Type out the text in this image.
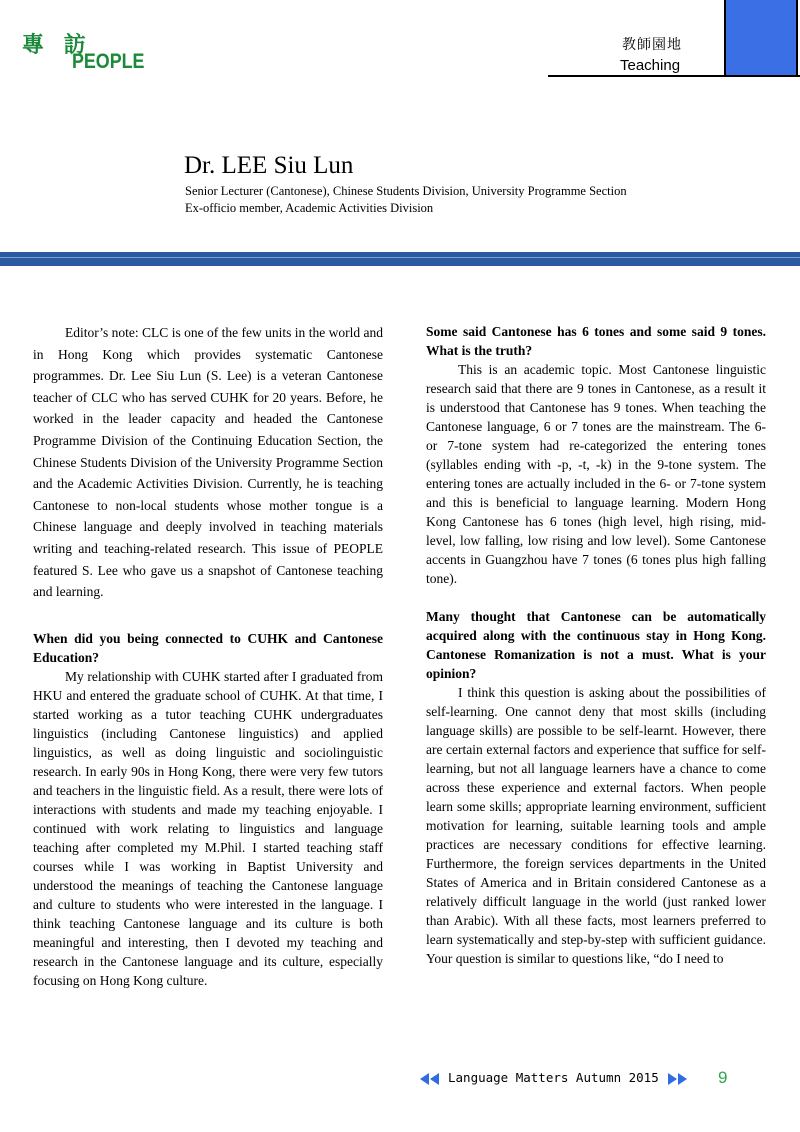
專 訪
PEOPLE
教師園地
Teaching
Dr. LEE Siu Lun
Senior Lecturer (Cantonese), Chinese Students Division, University Programme Section
Ex-officio member, Academic Activities Division

Editor’s note: CLC is one of the few units in the world and in Hong Kong which provides systematic Cantonese programmes. Dr. Lee Siu Lun (S. Lee) is a veteran Cantonese teacher of CLC who has served CUHK for 20 years. Before, he worked in the leader capacity and headed the Cantonese Programme Division of the Continuing Education Section, the Chinese Students Division of the University Programme Section and the Academic Activities Division. Currently, he is teaching Cantonese to non-local students whose mother tongue is a Chinese language and deeply involved in teaching materials writing and teaching-related research. This issue of PEOPLE featured S. Lee who gave us a snapshot of Cantonese teaching and learning.

When did you being connected to CUHK and Cantonese Education?

My relationship with CUHK started after I graduated from HKU and entered the graduate school of CUHK. At that time, I started working as a tutor teaching CUHK undergraduates linguistics (including Cantonese linguistics) and applied linguistics, as well as doing linguistic and sociolinguistic research. In early 90s in Hong Kong, there were very few tutors and teachers in the linguistic field. As a result, there were lots of interactions with students and made my teaching enjoyable. I continued with work relating to linguistics and language teaching after completed my M.Phil. I started teaching staff courses while I was working in Baptist University and understood the meanings of teaching the Cantonese language and culture to students who were interested in the language. I think teaching Cantonese language and its culture is both meaningful and interesting, then I devoted my teaching and research in the Cantonese language and its culture, especially focusing on Hong Kong culture.

Some said Cantonese has 6 tones and some said 9 tones. What is the truth?

This is an academic topic. Most Cantonese linguistic research said that there are 9 tones in Cantonese, as a result it is understood that Cantonese has 9 tones. When teaching the Cantonese language, 6 or 7 tones are the mainstream. The 6- or 7-tone system had re-categorized the entering tones (syllables ending with -p, -t, -k) in the 9-tone system. The entering tones are actually included in the 6- or 7-tone system and this is beneficial to language learning. Modern Hong Kong Cantonese has 6 tones (high level, high rising, mid-level, low falling, low rising and low level). Some Cantonese accents in Guangzhou have 7 tones (6 tones plus high falling tone).

Many thought that Cantonese can be automatically acquired along with the continuous stay in Hong Kong. Cantonese Romanization is not a must. What is your opinion?

I think this question is asking about the possibilities of self-learning. One cannot deny that most skills (including language skills) are possible to be self-learnt. However, there are certain external factors and experience that suffice for self-learning, but not all language learners have a chance to come across these experience and external factors. When people learn some skills; appropriate learning environment, sufficient motivation for learning, suitable learning tools and ample practices are necessary conditions for effective learning. Furthermore, the foreign services departments in the United States of America and in Britain considered Cantonese as a relatively difficult language in the world (just ranked lower than Arabic). With all these facts, most learners preferred to learn systematically and step-by-step with sufficient guidance. Your question is similar to questions like, “do I need to

Language Matters Autumn 2015	9
